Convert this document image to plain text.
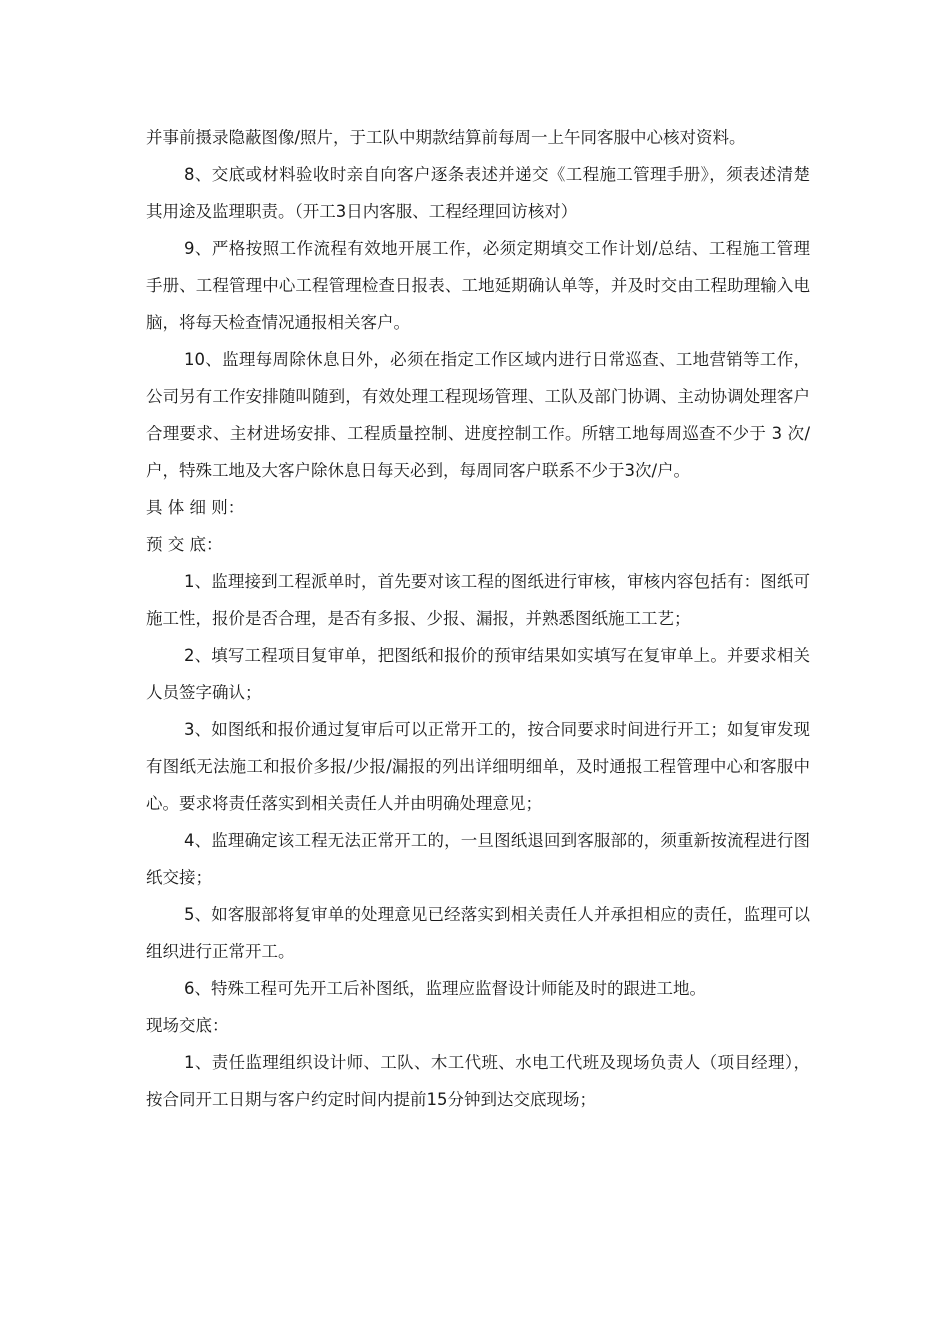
并事前摄录隐蔽图像/照片，于工队中期款结算前每周一上午同客服中心核对资料。

8、交底或材料验收时亲自向客户逐条表述并递交《工程施工管理手册》，须表述清楚其用途及监理职责。（开工3日内客服、工程经理回访核对）

9、严格按照工作流程有效地开展工作，必须定期填交工作计划/总结、工程施工管理手册、工程管理中心工程管理检查日报表、工地延期确认单等，并及时交由工程助理输入电脑，将每天检查情况通报相关客户。

10、监理每周除休息日外，必须在指定工作区域内进行日常巡查、工地营销等工作，公司另有工作安排随叫随到，有效处理工程现场管理、工队及部门协调、主动协调处理客户合理要求、主材进场安排、工程质量控制、进度控制工作。所辖工地每周巡查不少于 3 次/户，特殊工地及大客户除休息日每天必到，每周同客户联系不少于3次/户。

具 体 细 则：

预 交 底：

1、监理接到工程派单时，首先要对该工程的图纸进行审核，审核内容包括有：图纸可施工性，报价是否合理，是否有多报、少报、漏报，并熟悉图纸施工工艺；

2、填写工程项目复审单，把图纸和报价的预审结果如实填写在复审单上。并要求相关人员签字确认；

3、如图纸和报价通过复审后可以正常开工的，按合同要求时间进行开工；如复审发现有图纸无法施工和报价多报/少报/漏报的列出详细明细单，及时通报工程管理中心和客服中心。要求将责任落实到相关责任人并由明确处理意见；

4、监理确定该工程无法正常开工的，一旦图纸退回到客服部的，须重新按流程进行图纸交接；

5、如客服部将复审单的处理意见已经落实到相关责任人并承担相应的责任，监理可以组织进行正常开工。

6、特殊工程可先开工后补图纸，监理应监督设计师能及时的跟进工地。

现场交底：

1、责任监理组织设计师、工队、木工代班、水电工代班及现场负责人（项目经理），按合同开工日期与客户约定时间内提前15分钟到达交底现场；
